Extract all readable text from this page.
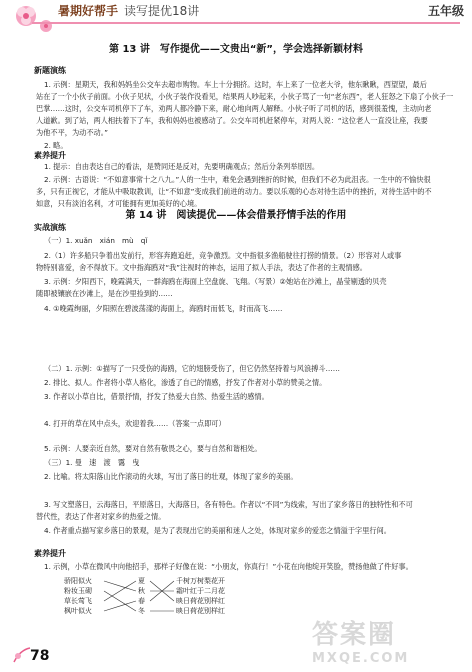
暑期好帮手 读写提优18讲	五年级
第 13 讲　写作提优——文贵出“新”，学会选择新颖材料
新题演练
1. 示例：星期天，我和妈妈坐公交车去超市购物。车上十分拥挤。这时，车上来了一位老大爷，他东瞅瞅，西望望，最后
站在了一个小伙子前面。小伙子见状，小伙子装作没看见，结果两人吵起来，小伙子骂了一句“老东西”，老人狂怒之下扇了小伙子一
巴掌……这时，公交车司机停下了车，劝两人都冷静下来，耐心地向两人解释。小伙子听了司机的话，感到很羞愧，主动向老
人道歉。到了站，两人相扶着下了车，我和妈妈也被感动了。公交车司机赶紧停车，对两人说：“这位老人一直没让座，我要
为他不平，为动不动。”
2. 略。
素养提升
1. 提示：自由表达自己的看法，是赞同还是反对，先要明确观点；然后分条列举原因。
2. 示例：古语说：“不如意事常十之八九。”人的一生中，难免会遇到挫折的时候，但我们不必为此沮丧。一生中的不愉快很
多，只有正视它，才能从中吸取教训，让“不如意”变成我们前进的动力。要以乐观的心态对待生活中的挫折，对待生活中的不
如意，只有淡泊名利，才可能拥有更加美好的心境。
第 14 讲　阅读提优——体会借景抒情手法的作用
实战演练
（一）1. xuǎn　xián　mù　qǐ
2.（1）许多船只争着出发前行，形容奔跑追赶，竞争激烈。文中指很多渔船驶往打捞的情景。（2）形容对人或事
物特别喜爱，舍不得放下。文中指海鸥对“我”注视时的神态，运用了拟人手法，表达了作者的主观情感。
3. 示例：夕阳西下，晚霞满天，一群海鸥在海面上空盘旋、飞翔。（写景）②她站在沙滩上，晶莹剔透的贝壳
随即被镶嵌在沙滩上，是在沙里捡到的……
4. ①晚霞绚丽，夕阳照在碧波荡漾的海面上，海鸥时而低飞，时而高飞……
（二）1. 示例：①描写了一只受伤的海鸥，它的翅膀受伤了，但它仍然坚持着与风浪搏斗……
2. 排比、拟人。作者将小草人格化，渗透了自己的情感，抒发了作者对小草的赞美之情。
3. 作者以小草自比，借景抒情，抒发了热爱大自然、热爱生活的感情。
4. 打开的草在风中点头，欢迎着我……（答案一点即可）
5. 示例：人要亲近自然，要对自然有敬畏之心，要与自然和谐相处。
（三）1. 曼　速　渡　霭　曳
2. 比喻。将太阳落山比作滚动的火球，写出了落日的壮观，体现了家乡的美丽。
3. 写文塑落日，云海落日，平原落日，大海落日，各有特色。作者以“不同”为线索，写出了家乡落日的独特性和不可
替代性，表达了作者对家乡的热爱之情。
4. 作者重点描写家乡落日的景观，是为了表现出它的美丽和迷人之处，体现对家乡的爱恋之情溢于字里行间。
素养提升
1. 示例，小草在微风中向他招手，那样子好像在说：“小朋友，你真行！”小花在向他绽开笑脸，赞扬他做了件好事。
骄阳似火
粉妆玉砌
草长莺飞
枫叶似火
夏
秋
春
冬
千树万树梨花开
霜叶红于二月花
映日荷花别样红
映日荷花别样红
78
答案圈
MXQE.COM
